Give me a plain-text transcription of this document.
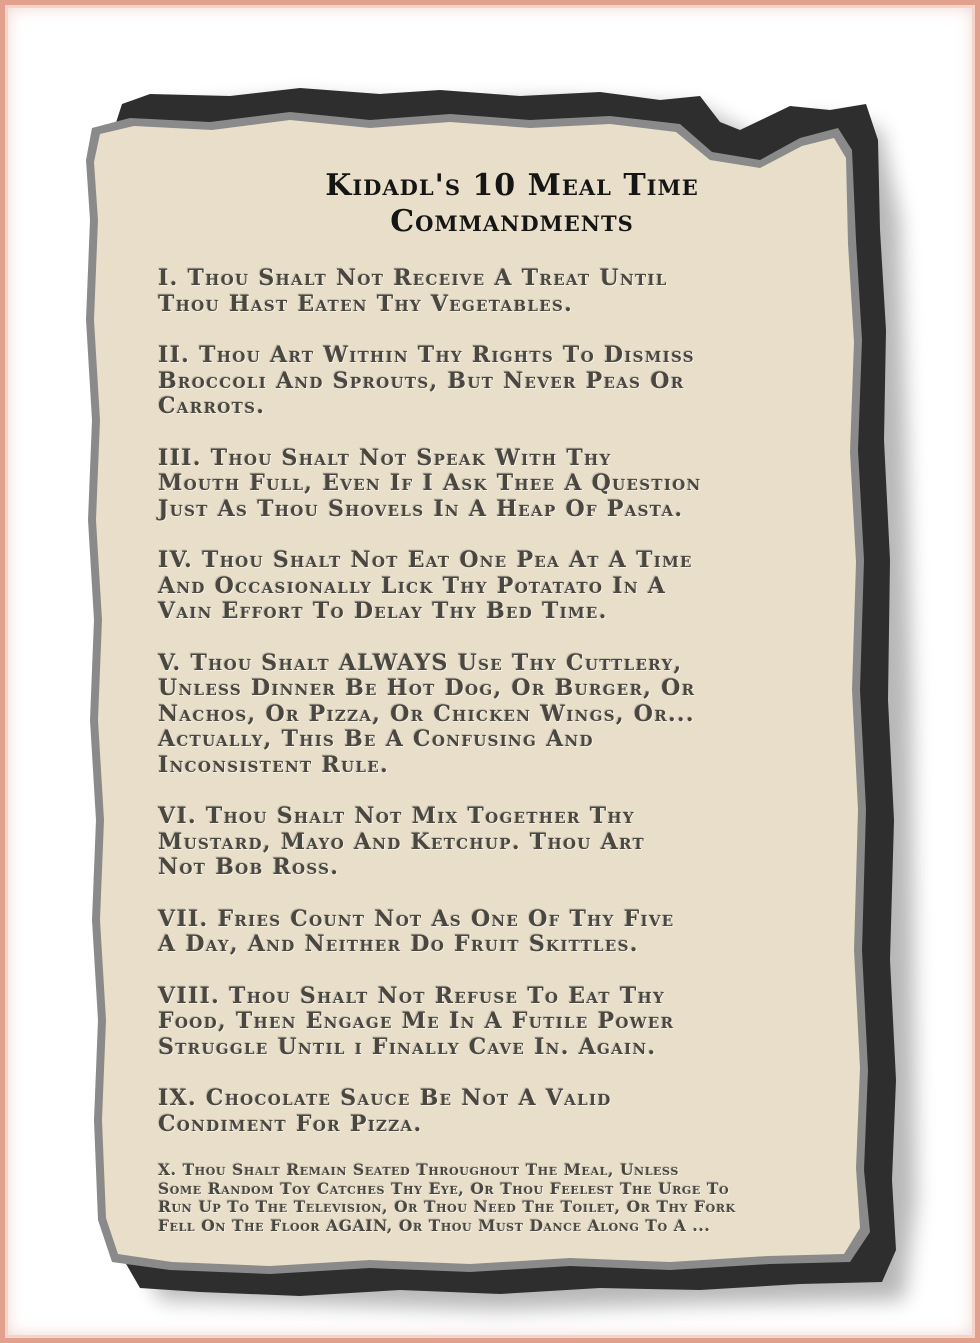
Kidadl's 10 Meal Time
Commandments

I. Thou Shalt Not Receive A Treat Until
Thou Hast Eaten Thy Vegetables.

II. Thou Art Within Thy Rights To Dismiss
Broccoli And Sprouts, But Never Peas Or
Carrots.

III. Thou Shalt Not Speak With Thy
Mouth Full, Even If I Ask Thee A Question
Just As Thou Shovels In A Heap Of Pasta.

IV. Thou Shalt Not Eat One Pea At A Time
And Occasionally Lick Thy Potatato In A
Vain Effort To Delay Thy Bed Time.

V. Thou Shalt ALWAYS Use Thy Cuttlery,
Unless Dinner Be Hot Dog, Or Burger, Or
Nachos, Or Pizza, Or Chicken Wings, Or...
Actually, This Be A Confusing And
Inconsistent Rule.

VI. Thou Shalt Not Mix Together Thy
Mustard, Mayo And Ketchup. Thou Art
Not Bob Ross.

VII. Fries Count Not As One Of Thy Five
A Day, And Neither Do Fruit Skittles.

VIII. Thou Shalt Not Refuse To Eat Thy
Food, Then Engage Me In A Futile Power
Struggle Until i Finally Cave In. Again.

IX. Chocolate Sauce Be Not A Valid
Condiment For Pizza.

X. Thou Shalt Remain Seated Throughout The Meal, Unless
Some Random Toy Catches Thy Eye, Or Thou Feelest The Urge To
Run Up To The Television, Or Thou Need The Toilet, Or Thy Fork
Fell On The Floor AGAIN, Or Thou Must Dance Along To A ...
